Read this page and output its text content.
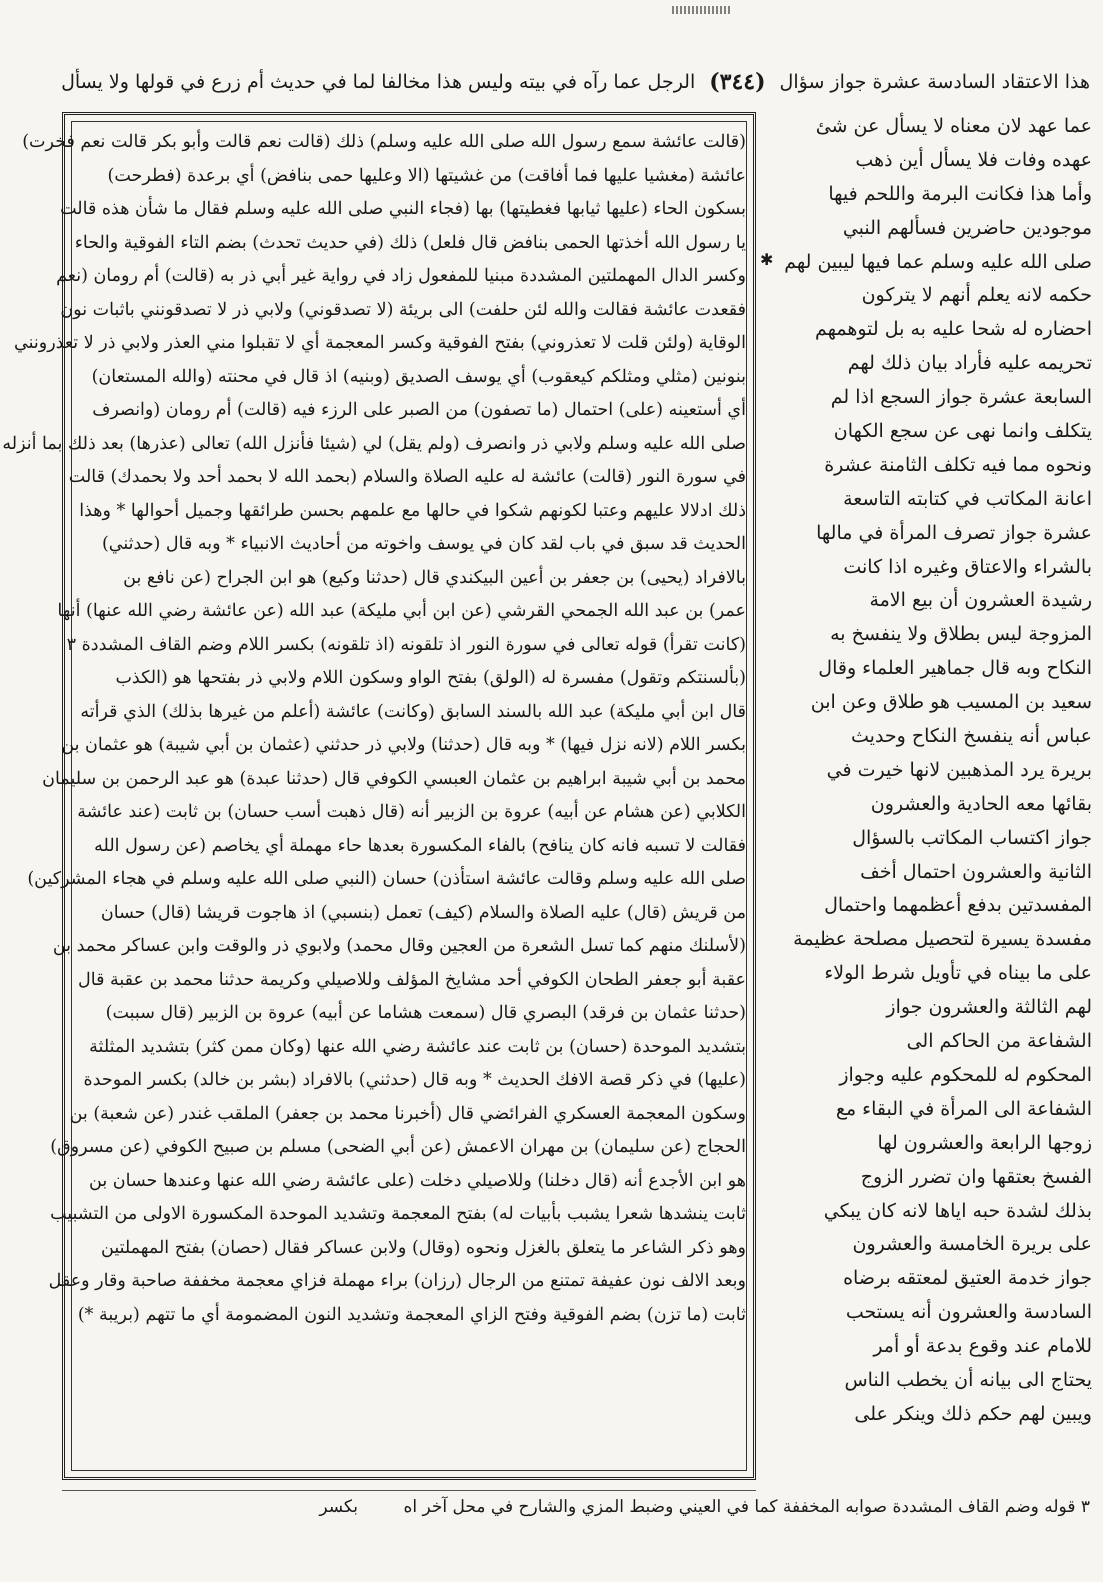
هذا الاعتقاد السادسة عشرة جواز سؤال
(٣٤٤)
الرجل عما رآه في بيته وليس هذا مخالفا لما في حديث أم زرع في قولها ولا يسأل
عما عهد لان معناه لا يسأل عن شئ
عهده وفات فلا يسأل أين ذهب
وأما هذا فكانت البرمة واللحم فيها
موجودين حاضرين فسألهم النبي
صلى الله عليه وسلم عما فيها ليبين لهم
حكمه لانه يعلم أنهم لا يتركون
احضاره له شحا عليه به بل لتوهمهم
تحريمه عليه فأراد بيان ذلك لهم
السابعة عشرة جواز السجع اذا لم
يتكلف وانما نهى عن سجع الكهان
ونحوه مما فيه تكلف الثامنة عشرة
اعانة المكاتب في كتابته التاسعة
عشرة جواز تصرف المرأة في مالها
بالشراء والاعتاق وغيره اذا كانت
رشيدة العشرون أن بيع الامة
المزوجة ليس بطلاق ولا ينفسخ به
النكاح وبه قال جماهير العلماء وقال
سعيد بن المسيب هو طلاق وعن ابن
عباس أنه ينفسخ النكاح وحديث
بريرة يرد المذهبين لانها خيرت في
بقائها معه الحادية والعشرون
جواز اكتساب المكاتب بالسؤال
الثانية والعشرون احتمال أخف
المفسدتين بدفع أعظمهما واحتمال
مفسدة يسيرة لتحصيل مصلحة عظيمة
على ما بيناه في تأويل شرط الولاء
لهم الثالثة والعشرون جواز
الشفاعة من الحاكم الى
المحكوم له للمحكوم عليه وجواز
الشفاعة الى المرأة في البقاء مع
زوجها الرابعة والعشرون لها
الفسخ بعتقها وان تضرر الزوج
بذلك لشدة حبه اياها لانه كان يبكي
على بريرة الخامسة والعشرون
جواز خدمة العتيق لمعتقه برضاه
السادسة والعشرون أنه يستحب
للامام عند وقوع بدعة أو أمر
يحتاج الى بيانه أن يخطب الناس
ويبين لهم حكم ذلك وينكر على
(قالت عائشة سمع رسول الله صلى الله عليه وسلم) ذلك (قالت نعم قالت وأبو بكر قالت نعم فخرت)
عائشة (مغشيا عليها فما أفاقت) من غشيتها (الا وعليها حمى بنافض) أي برعدة (فطرحت)
بسكون الحاء (عليها ثيابها فغطيتها) بها (فجاء النبي صلى الله عليه وسلم فقال ما شأن هذه قالت
يا رسول الله أخذتها الحمى بنافض قال فلعل) ذلك (في حديث تحدث) بضم التاء الفوقية والحاء
وكسر الدال المهملتين المشددة مبنيا للمفعول زاد في رواية غير أبي ذر به (قالت) أم رومان (نعم
فقعدت عائشة فقالت والله لئن حلفت) الى بريئة (لا تصدقوني) ولابي ذر لا تصدقونني باثبات نون
الوقاية (ولئن قلت لا تعذروني) بفتح الفوقية وكسر المعجمة أي لا تقبلوا مني العذر ولابي ذر لا تعذرونني
بنونين (مثلي ومثلكم كيعقوب) أي يوسف الصديق (وبنيه) اذ قال في محنته (والله المستعان)
أي أستعينه (على) احتمال (ما تصفون) من الصبر على الرزء فيه (قالت) أم رومان (وانصرف
صلى الله عليه وسلم ولابي ذر وانصرف (ولم يقل) لي (شيئا فأنزل الله) تعالى (عذرها) بعد ذلك بما أنزله
في سورة النور (قالت) عائشة له عليه الصلاة والسلام (بحمد الله لا بحمد أحد ولا بحمدك) قالت
ذلك ادلالا عليهم وعتبا لكونهم شكوا في حالها مع علمهم بحسن طرائقها وجميل أحوالها * وهذا
الحديث قد سبق في باب لقد كان في يوسف واخوته من أحاديث الانبياء * وبه قال (حدثني)
بالافراد (يحيى) بن جعفر بن أعين البيكندي قال (حدثنا وكيع) هو ابن الجراح (عن نافع بن
عمر) بن عبد الله الجمحي القرشي (عن ابن أبي مليكة) عبد الله (عن عائشة رضي الله عنها) أنها
(كانت تقرأ) قوله تعالى في سورة النور اذ تلقونه (اذ تلقونه) بكسر اللام وضم القاف المشددة ٣
(بألسنتكم وتقول) مفسرة له (الولق) بفتح الواو وسكون اللام ولابي ذر بفتحها هو (الكذب
قال ابن أبي مليكة) عبد الله بالسند السابق (وكانت) عائشة (أعلم من غيرها بذلك) الذي قرأته
بكسر اللام (لانه نزل فيها) * وبه قال (حدثنا) ولابي ذر حدثني (عثمان بن أبي شيبة) هو عثمان بن
محمد بن أبي شيبة ابراهيم بن عثمان العبسي الكوفي قال (حدثنا عبدة) هو عبد الرحمن بن سليمان
الكلابي (عن هشام عن أبيه) عروة بن الزبير أنه (قال ذهبت أسب حسان) بن ثابت (عند عائشة
فقالت لا تسبه فانه كان ينافح) بالفاء المكسورة بعدها حاء مهملة أي يخاصم (عن رسول الله
صلى الله عليه وسلم وقالت عائشة استأذن) حسان (النبي صلى الله عليه وسلم في هجاء المشركين)
من قريش (قال) عليه الصلاة والسلام (كيف) تعمل (بنسبي) اذ هاجوت قريشا (قال) حسان
(لأسلنك منهم كما تسل الشعرة من العجين وقال محمد) ولابوي ذر والوقت وابن عساكر محمد بن
عقبة أبو جعفر الطحان الكوفي أحد مشايخ المؤلف وللاصيلي وكريمة حدثنا محمد بن عقبة قال
(حدثنا عثمان بن فرقد) البصري قال (سمعت هشاما عن أبيه) عروة بن الزبير (قال سببت)
بتشديد الموحدة (حسان) بن ثابت عند عائشة رضي الله عنها (وكان ممن كثر) بتشديد المثلثة
(عليها) في ذكر قصة الافك الحديث * وبه قال (حدثني) بالافراد (بشر بن خالد) بكسر الموحدة
وسكون المعجمة العسكري الفرائضي قال (أخبرنا محمد بن جعفر) الملقب غندر (عن شعبة) بن
الحجاج (عن سليمان) بن مهران الاعمش (عن أبي الضحى) مسلم بن صبيح الكوفي (عن مسروق)
هو ابن الأجدع أنه (قال دخلنا) وللاصيلي دخلت (على عائشة رضي الله عنها وعندها حسان بن
ثابت ينشدها شعرا يشبب بأبيات له) بفتح المعجمة وتشديد الموحدة المكسورة الاولى من التشبيب
وهو ذكر الشاعر ما يتعلق بالغزل ونحوه (وقال) ولابن عساكر فقال (حصان) بفتح المهملتين
وبعد الالف نون عفيفة تمتنع من الرجال (رزان) براء مهملة فزاي معجمة مخففة صاحبة وقار وعقل
ثابت (ما تزن) بضم الفوقية وفتح الزاي المعجمة وتشديد النون المضمومة أي ما تتهم (بريبة *)
✱
٣ قوله وضم القاف المشددة صوابه المخففة كما في العيني وضبط المزي والشارح في محل آخر اه بكسر
